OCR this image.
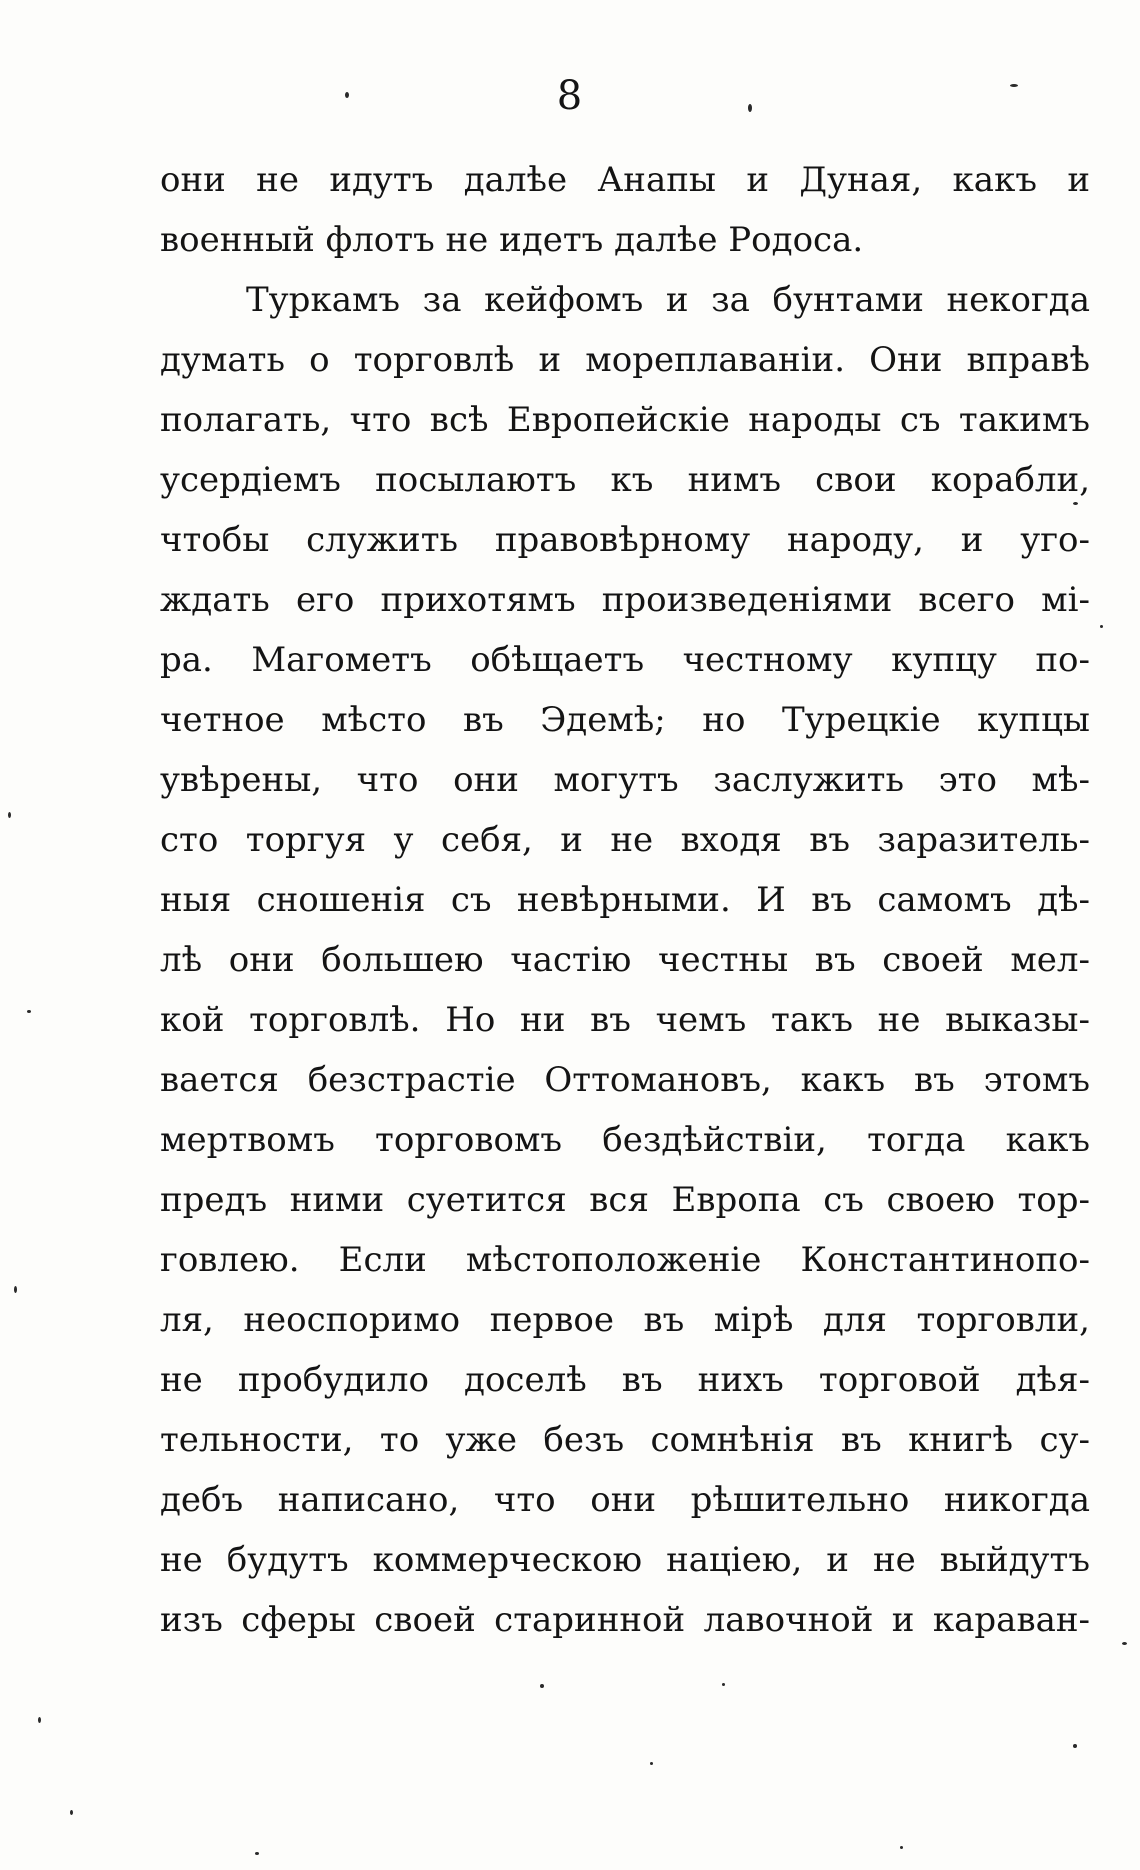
8
они не идутъ далѣе Анапы и Дуная, какъ и
военный флотъ не идетъ далѣе Родоса.
Туркамъ за кейфомъ и за бунтами некогда
думать о торговлѣ и мореплаваніи. Они вправѣ
полагать, что всѣ Европейскіе народы съ такимъ
усердіемъ посылаютъ къ нимъ свои корабли,
чтобы служить правовѣрному народу, и уго-
ждать его прихотямъ произведеніями всего мі-
ра. Магометъ обѣщаетъ честному купцу по-
четное мѣсто въ Эдемѣ; но Турецкіе купцы
увѣрены, что они могутъ заслужить это мѣ-
сто торгуя у себя, и не входя въ заразитель-
ныя сношенія съ невѣрными. И въ самомъ дѣ-
лѣ они большею частію честны въ своей мел-
кой торговлѣ. Но ни въ чемъ такъ не выказы-
вается безстрастіе Оттомановъ, какъ въ этомъ
мертвомъ торговомъ бездѣйствіи, тогда какъ
предъ ними суетится вся Европа съ своею тор-
говлею. Если мѣстоположеніе Константинопо-
ля, неоспоримо первое въ мірѣ для торговли,
не пробудило доселѣ въ нихъ торговой дѣя-
тельности, то уже безъ сомнѣнія въ книгѣ су-
дебъ написано, что они рѣшительно никогда
не будутъ коммерческою націею, и не выйдутъ
изъ сферы своей старинной лавочной и караван-
